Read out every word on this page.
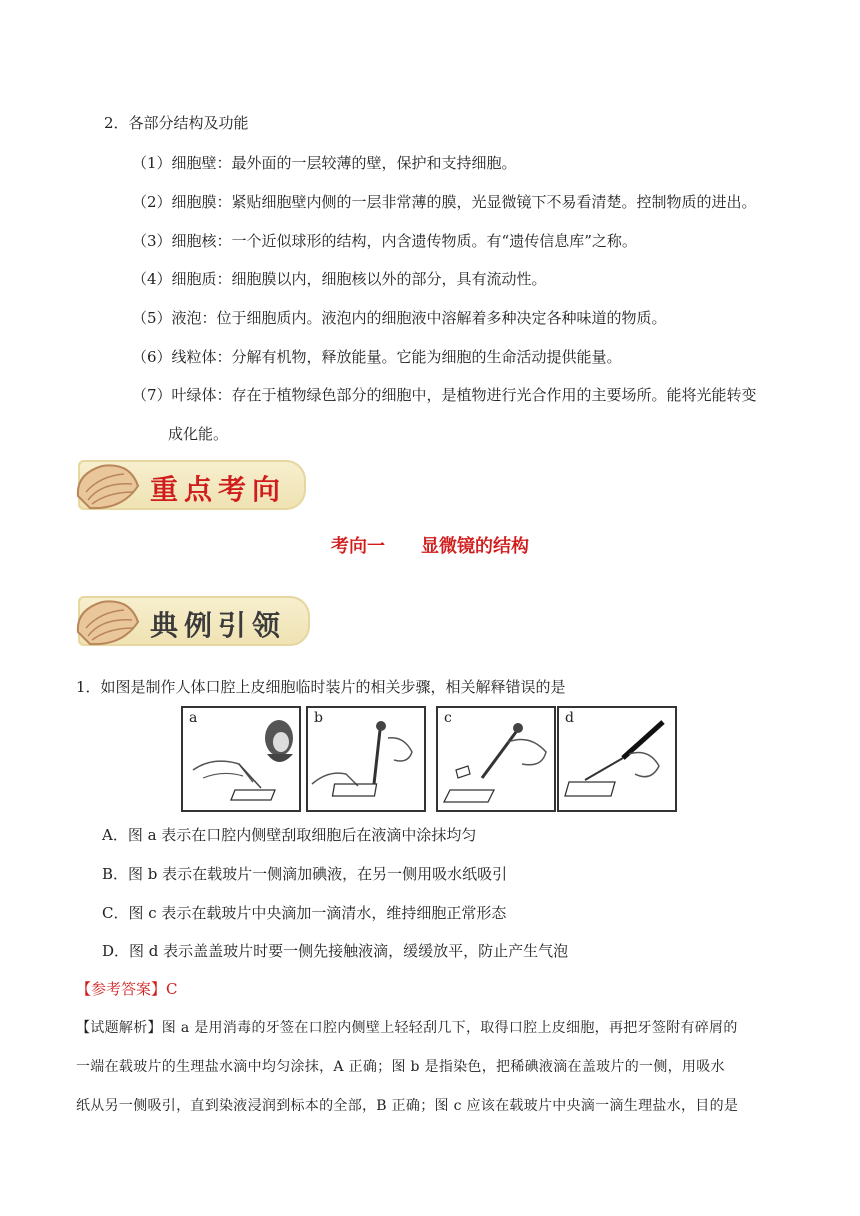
2．各部分结构及功能
（1）细胞壁：最外面的一层较薄的壁，保护和支持细胞。
（2）细胞膜：紧贴细胞壁内侧的一层非常薄的膜，光显微镜下不易看清楚。控制物质的进出。
（3）细胞核：一个近似球形的结构，内含遗传物质。有“遗传信息库”之称。
（4）细胞质：细胞膜以内，细胞核以外的部分，具有流动性。
（5）液泡：位于细胞质内。液泡内的细胞液中溶解着多种决定各种味道的物质。
（6）线粒体：分解有机物，释放能量。它能为细胞的生命活动提供能量。
（7）叶绿体：存在于植物绿色部分的细胞中，是植物进行光合作用的主要场所。能将光能转变
成化能。
重点考向
考向一　　显微镜的结构
典例引领
1．如图是制作人体口腔上皮细胞临时装片的相关步骤，相关解释错误的是
a	b	c	d
A．图 a 表示在口腔内侧壁刮取细胞后在液滴中涂抹均匀
B．图 b 表示在载玻片一侧滴加碘液，在另一侧用吸水纸吸引
C．图 c 表示在载玻片中央滴加一滴清水，维持细胞正常形态
D．图 d 表示盖盖玻片时要一侧先接触液滴，缓缓放平，防止产生气泡
【参考答案】C
【试题解析】图 a 是用消毒的牙签在口腔内侧壁上轻轻刮几下，取得口腔上皮细胞，再把牙签附有碎屑的
一端在载玻片的生理盐水滴中均匀涂抹，A 正确；图 b 是指染色，把稀碘液滴在盖玻片的一侧，用吸水
纸从另一侧吸引，直到染液浸润到标本的全部，B 正确；图 c 应该在载玻片中央滴一滴生理盐水，目的是
